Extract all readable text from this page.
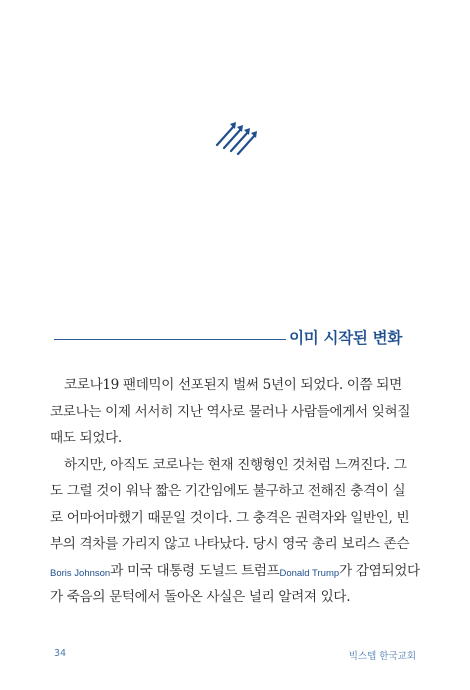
이미 시작된 변화
코로나19 팬데믹이 선포된지 벌써 5년이 되었다. 이쯤 되면
코로나는 이제 서서히 지난 역사로 물러나 사람들에게서 잊혀질
때도 되었다.
하지만, 아직도 코로나는 현재 진행형인 것처럼 느껴진다. 그
도 그럴 것이 워낙 짧은 기간임에도 불구하고 전해진 충격이 실
로 어마어마했기 때문일 것이다. 그 충격은 권력자와 일반인, 빈
부의 격차를 가리지 않고 나타났다. 당시 영국 총리 보리스 존슨
Boris Johnson과 미국 대통령 도널드 트럼프Donald Trump가 감염되었다
가 죽음의 문턱에서 돌아온 사실은 널리 알려져 있다.
34	빅스텝 한국교회
